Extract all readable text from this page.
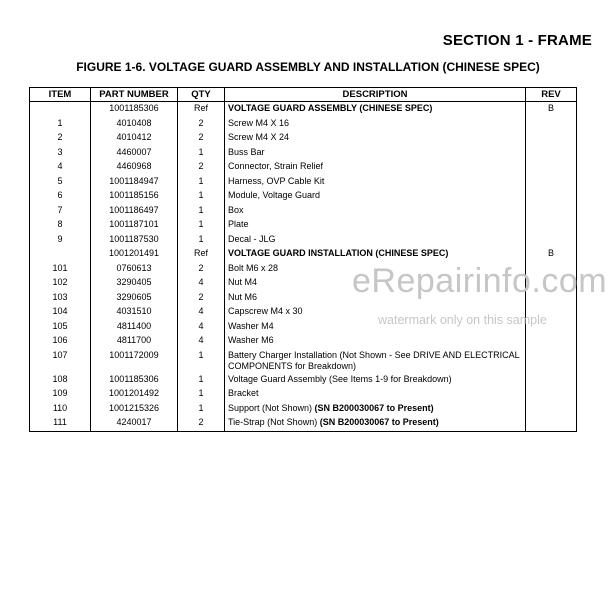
SECTION 1 - FRAME
FIGURE 1-6. VOLTAGE GUARD ASSEMBLY AND INSTALLATION (CHINESE SPEC)
ITEM	PART NUMBER	QTY	DESCRIPTION	REV
	1001185306	Ref	VOLTAGE GUARD ASSEMBLY (CHINESE SPEC)	B
1	4010408	2	Screw M4 X 16	
2	4010412	2	Screw M4 X 24	
3	4460007	1	Buss Bar	
4	4460968	2	Connector, Strain Relief	
5	1001184947	1	Harness, OVP Cable Kit	
6	1001185156	1	Module, Voltage Guard	
7	1001186497	1	Box	
8	1001187101	1	Plate	
9	1001187530	1	Decal - JLG	
	1001201491	Ref	VOLTAGE GUARD INSTALLATION (CHINESE SPEC)	B
101	0760613	2	Bolt M6 x 28	
102	3290405	4	Nut M4	
103	3290605	2	Nut M6	
104	4031510	4	Capscrew M4 x 30	
105	4811400	4	Washer M4	
106	4811700	4	Washer M6	
107	1001172009	1	Battery Charger Installation (Not Shown - See DRIVE AND ELECTRICAL COMPONENTS for Breakdown)	
108	1001185306	1	Voltage Guard Assembly (See Items 1-9 for Breakdown)	
109	1001201492	1	Bracket	
110	1001215326	1	Support (Not Shown) (SN B200030067 to Present)	
111	4240017	2	Tie-Strap (Not Shown) (SN B200030067 to Present)	
eRepairinfo.com
watermark only on this sample
